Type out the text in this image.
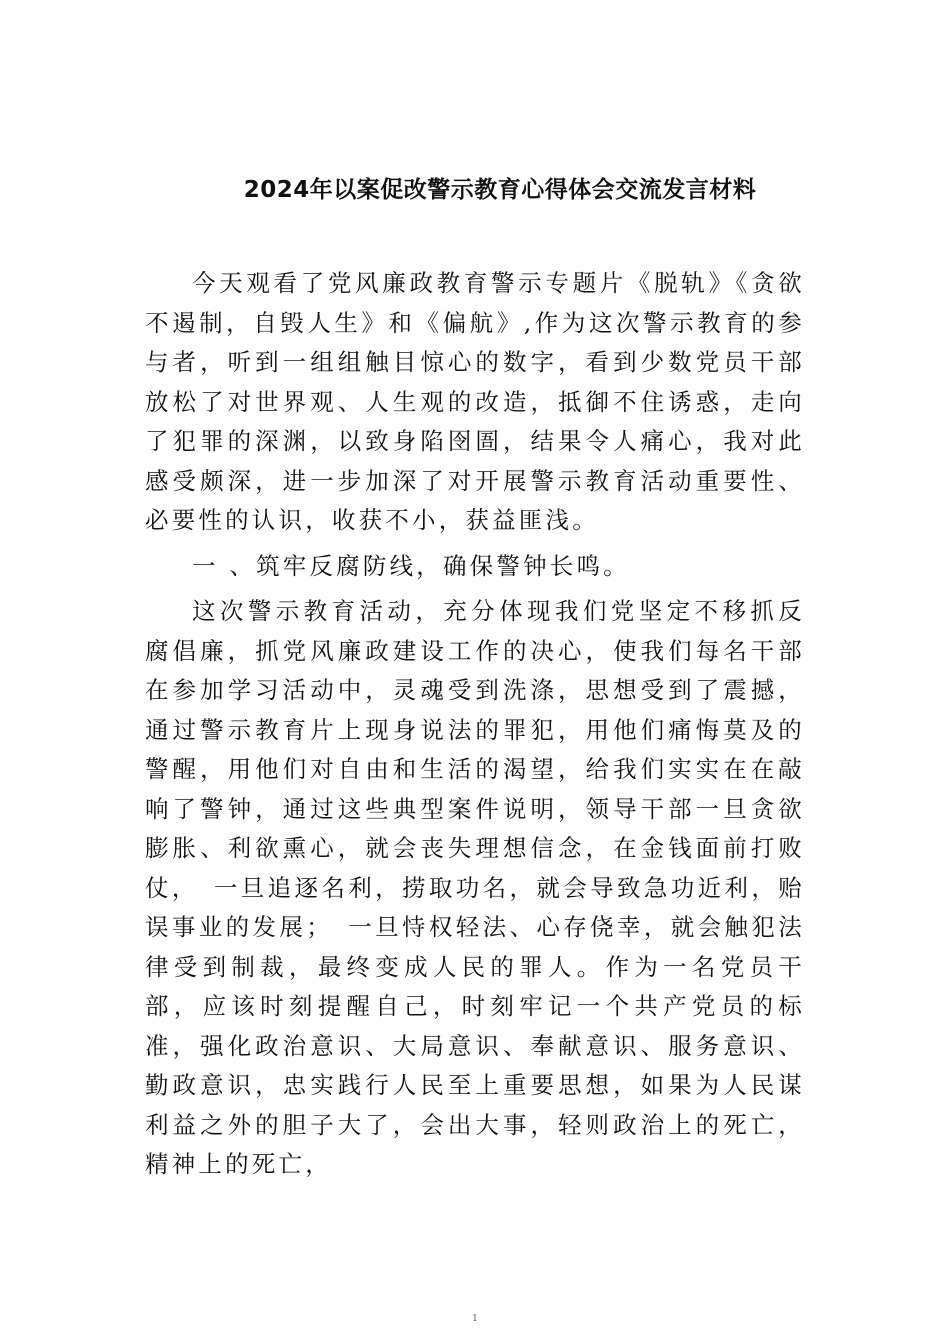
2024年以案促改警示教育心得体会交流发言材料

今天观看了党风廉政教育警示专题片《脱轨》《贪欲不遏制，自毁人生》和《偏航》,作为这次警示教育的参与者，听到一组组触目惊心的数字，看到少数党员干部放松了对世界观、人生观的改造，抵御不住诱惑，走向了犯罪的深渊，以致身陷囹圄，结果令人痛心，我对此感受颇深，进一步加深了对开展警示教育活动重要性、必要性的认识，收获不小，获益匪浅。

一 、筑牢反腐防线，确保警钟长鸣。

这次警示教育活动，充分体现我们党坚定不移抓反腐倡廉，抓党风廉政建设工作的决心，使我们每名干部在参加学习活动中，灵魂受到洗涤，思想受到了震撼，通过警示教育片上现身说法的罪犯，用他们痛悔莫及的警醒，用他们对自由和生活的渴望，给我们实实在在敲响了警钟，通过这些典型案件说明，领导干部一旦贪欲膨胀、利欲熏心，就会丧失理想信念，在金钱面前打败仗，　一旦追逐名利，捞取功名，就会导致急功近利，贻误事业的发展；　一旦恃权轻法、心存侥幸，就会触犯法律受到制裁，最终变成人民的罪人。作为一名党员干部，应该时刻提醒自己，时刻牢记一个共产党员的标准，强化政治意识、大局意识、奉献意识、服务意识、勤政意识，忠实践行人民至上重要思想，如果为人民谋利益之外的胆子大了，会出大事，轻则政治上的死亡，精神上的死亡，

1
